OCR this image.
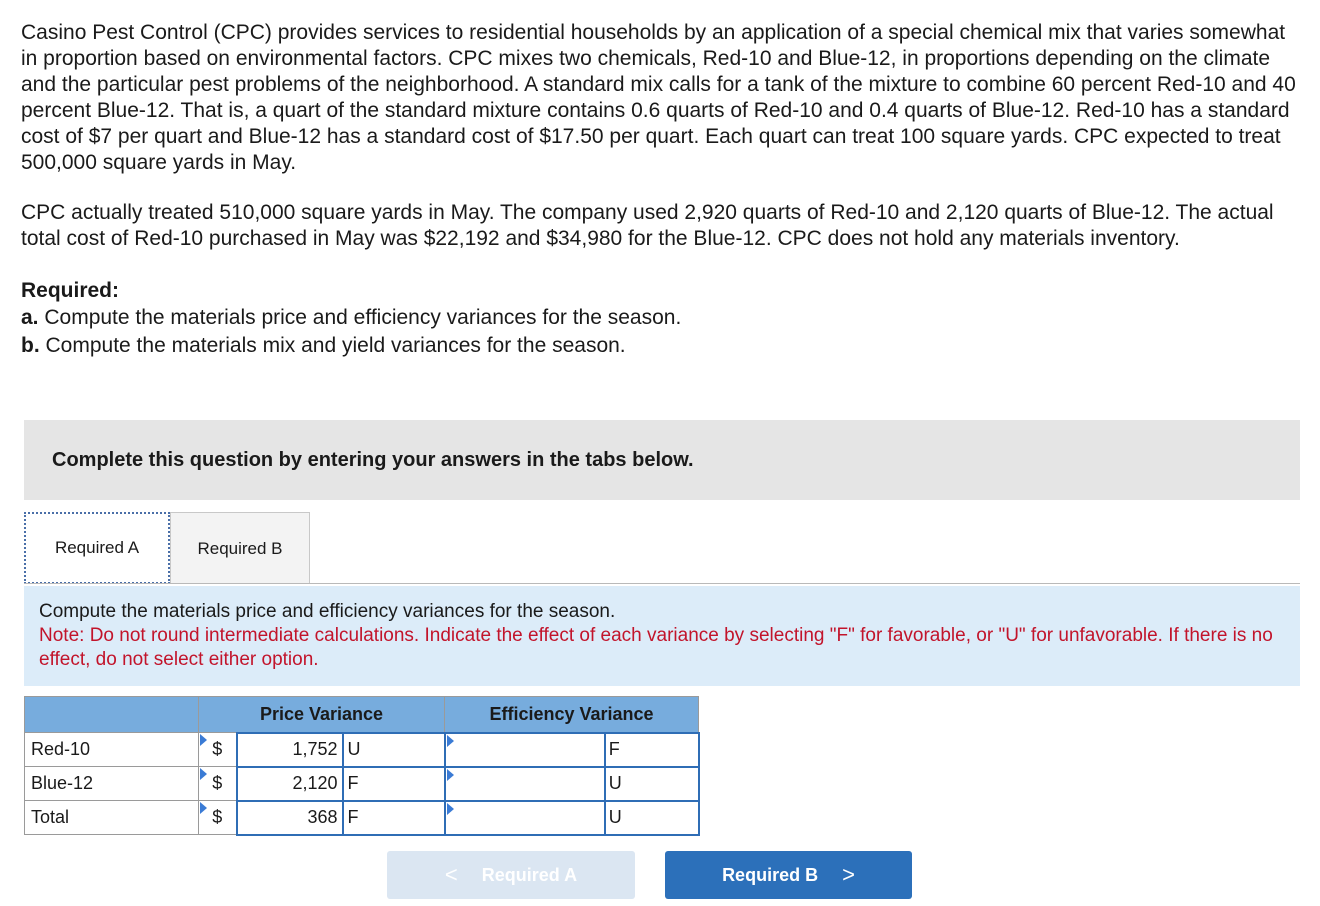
Casino Pest Control (CPC) provides services to residential households by an application of a special chemical mix that varies somewhat in proportion based on environmental factors. CPC mixes two chemicals, Red-10 and Blue-12, in proportions depending on the climate and the particular pest problems of the neighborhood. A standard mix calls for a tank of the mixture to combine 60 percent Red-10 and 40 percent Blue-12. That is, a quart of the standard mixture contains 0.6 quarts of Red-10 and 0.4 quarts of Blue-12. Red-10 has a standard cost of $7 per quart and Blue-12 has a standard cost of $17.50 per quart. Each quart can treat 100 square yards. CPC expected to treat 500,000 square yards in May.

CPC actually treated 510,000 square yards in May. The company used 2,920 quarts of Red-10 and 2,120 quarts of Blue-12. The actual total cost of Red-10 purchased in May was $22,192 and $34,980 for the Blue-12. CPC does not hold any materials inventory.

Required:

a. Compute the materials price and efficiency variances for the season.

b. Compute the materials mix and yield variances for the season.

Complete this question by entering your answers in the tabs below.
Required A	Required B
Compute the materials price and efficiency variances for the season.
Note: Do not round intermediate calculations. Indicate the effect of each variance by selecting "F" for favorable, or "U" for unfavorable. If there is no effect, do not select either option.
	Price Variance			Efficiency Variance	
Red-10	$	1,752	U		F
Blue-12	$	2,120	F		U
Total	$	368	F		U
< Required A	Required B >
